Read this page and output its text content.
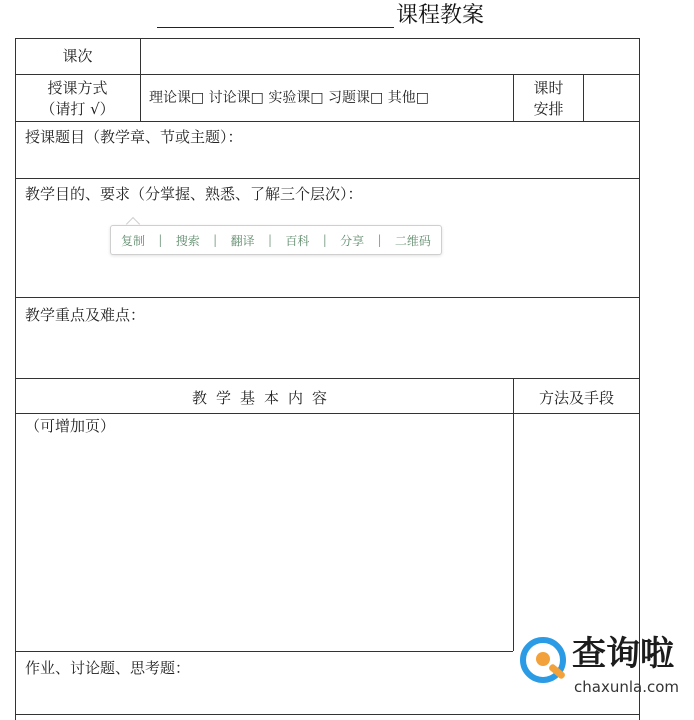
课程教案
课次
授课方式
（请打 √）
理论课□ 讨论课□ 实验课□ 习题课□ 其他□
课时
安排
授课题目（教学章、节或主题）：
教学目的、要求（分掌握、熟悉、了解三个层次）：
教学重点及难点：
教学基本内容	方法及手段
（可增加页）
作业、讨论题、思考题：
复制 | 搜索 | 翻译 | 百科 | 分享 | 二维码
查询啦
chaxunla.com
